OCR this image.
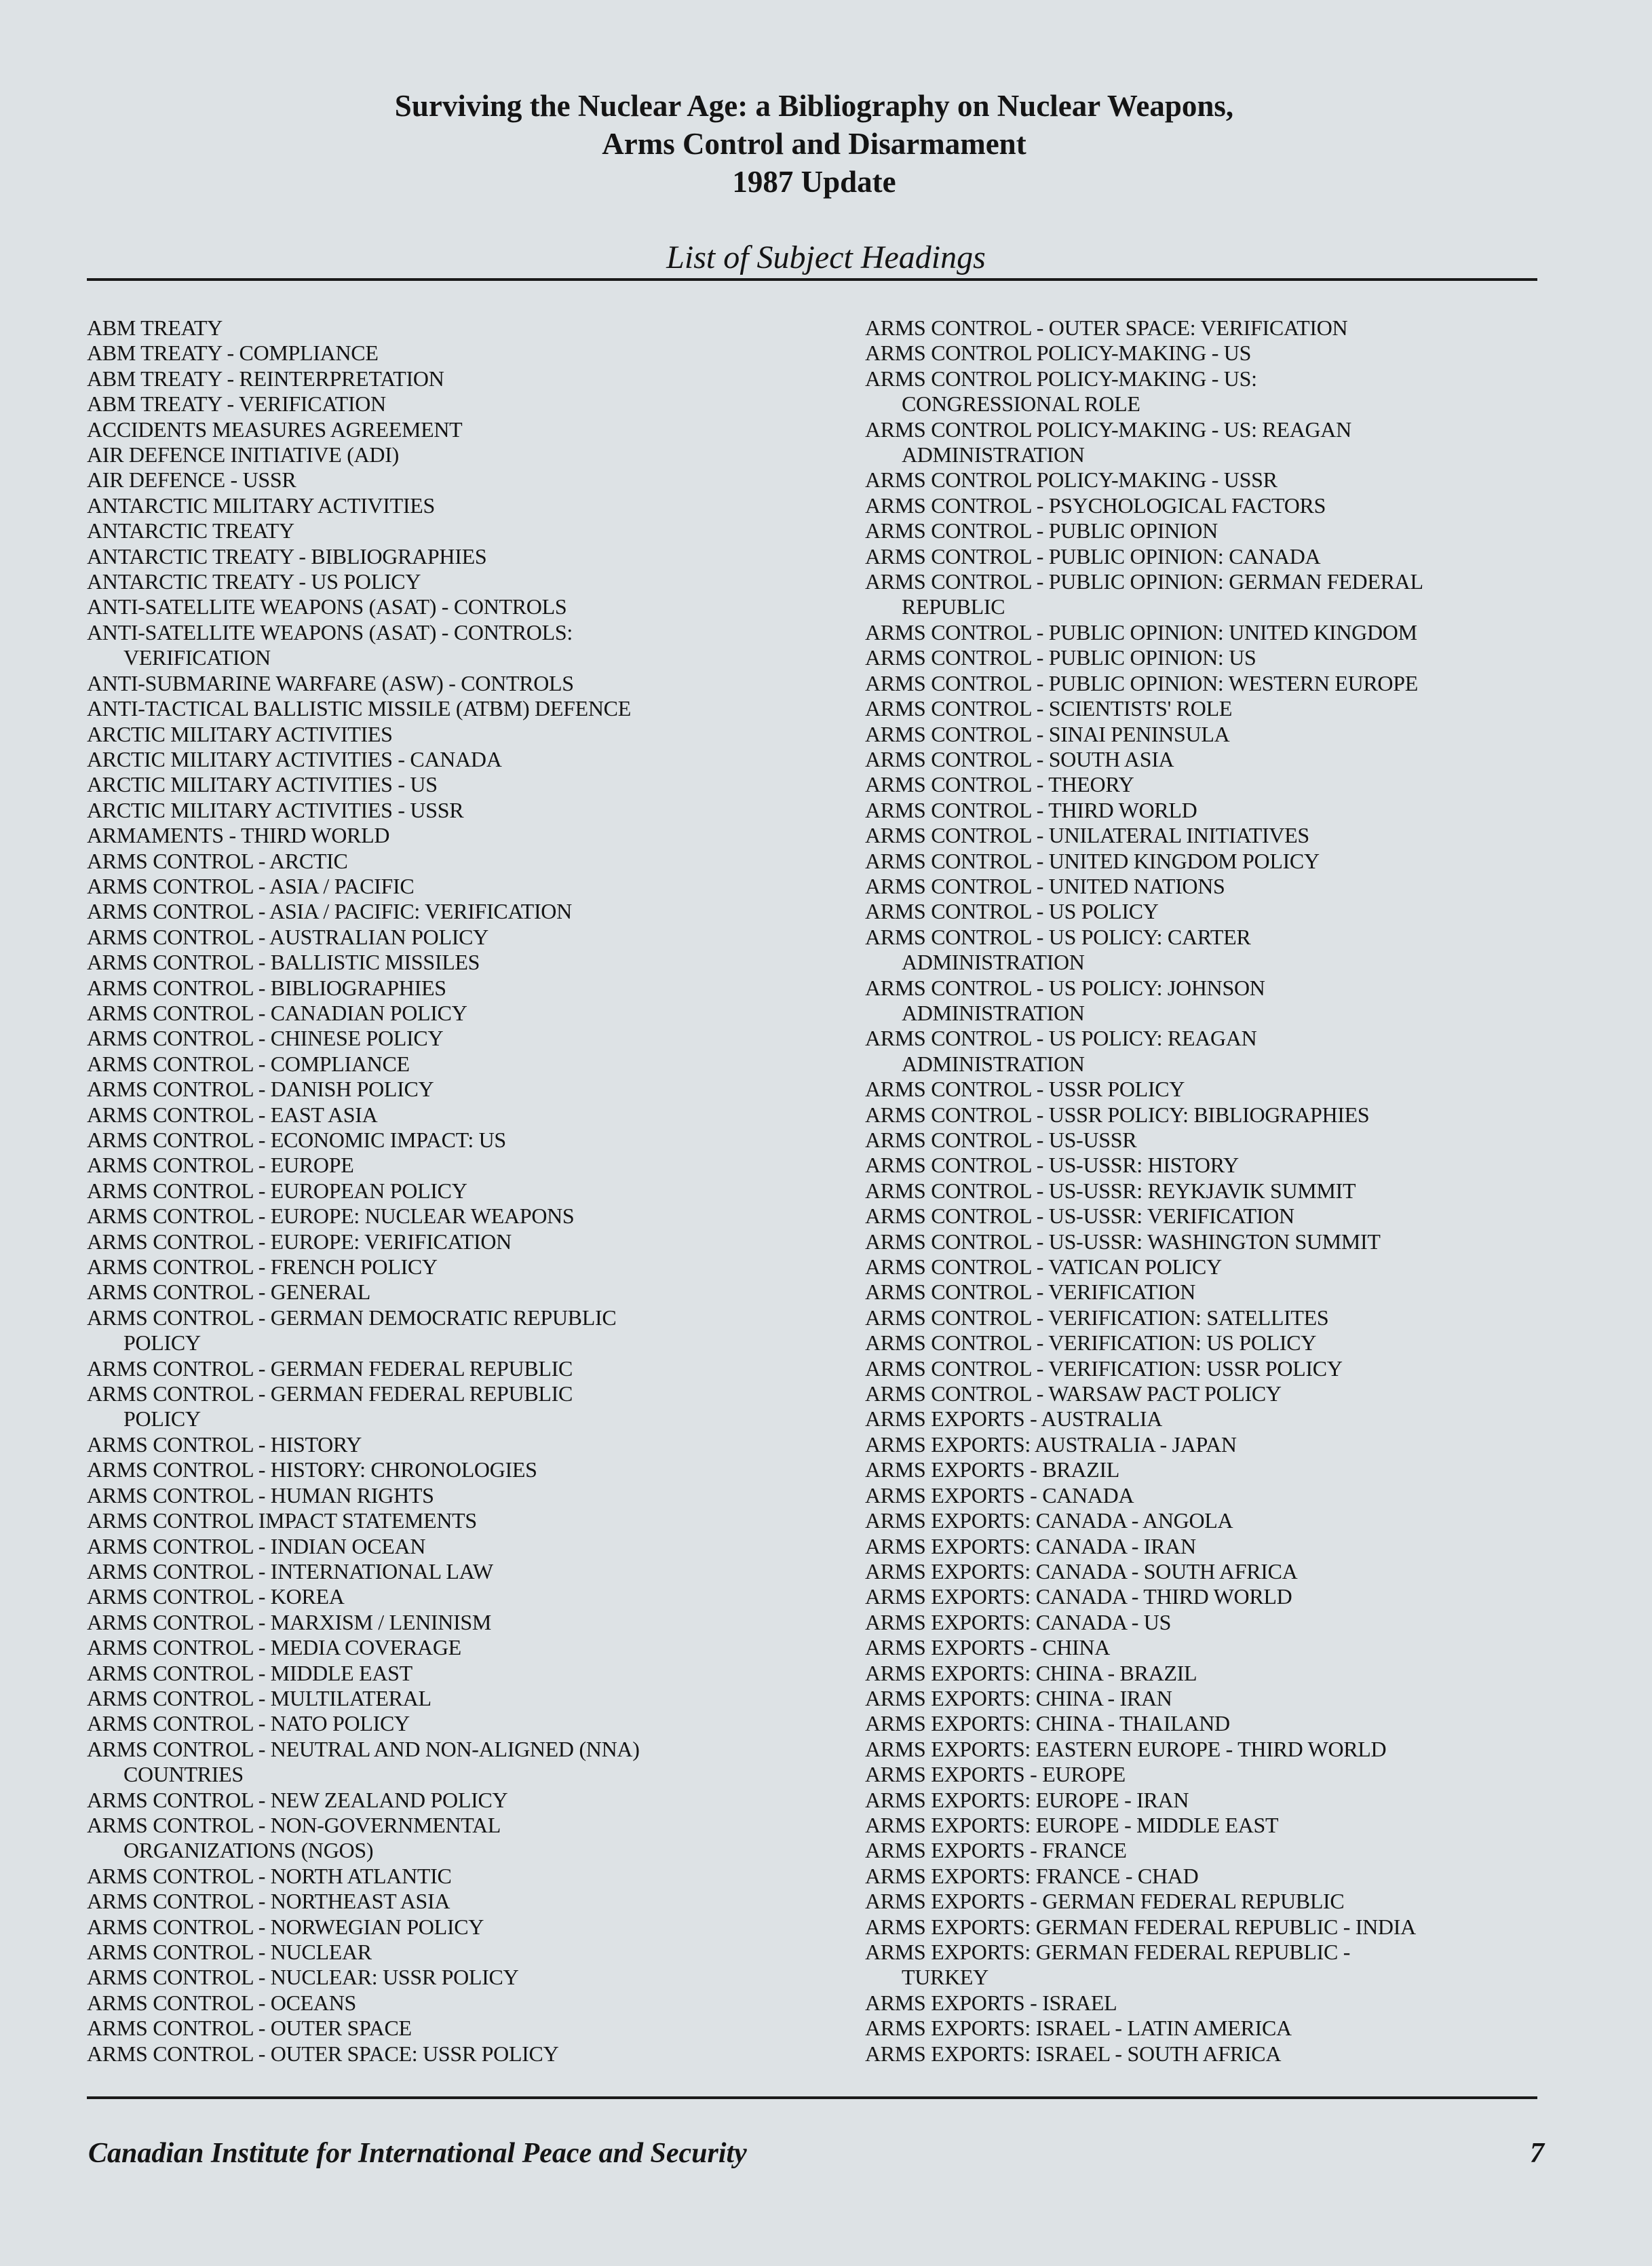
Surviving the Nuclear Age: a Bibliography on Nuclear Weapons,
Arms Control and Disarmament
1987 Update
List of Subject Headings
ABM TREATY
ABM TREATY - COMPLIANCE
ABM TREATY - REINTERPRETATION
ABM TREATY - VERIFICATION
ACCIDENTS MEASURES AGREEMENT
AIR DEFENCE INITIATIVE (ADI)
AIR DEFENCE - USSR
ANTARCTIC MILITARY ACTIVITIES
ANTARCTIC TREATY
ANTARCTIC TREATY - BIBLIOGRAPHIES
ANTARCTIC TREATY - US POLICY
ANTI-SATELLITE WEAPONS (ASAT) - CONTROLS
ANTI-SATELLITE WEAPONS (ASAT) - CONTROLS:
VERIFICATION
ANTI-SUBMARINE WARFARE (ASW) - CONTROLS
ANTI-TACTICAL BALLISTIC MISSILE (ATBM) DEFENCE
ARCTIC MILITARY ACTIVITIES
ARCTIC MILITARY ACTIVITIES - CANADA
ARCTIC MILITARY ACTIVITIES - US
ARCTIC MILITARY ACTIVITIES - USSR
ARMAMENTS - THIRD WORLD
ARMS CONTROL - ARCTIC
ARMS CONTROL - ASIA / PACIFIC
ARMS CONTROL - ASIA / PACIFIC: VERIFICATION
ARMS CONTROL - AUSTRALIAN POLICY
ARMS CONTROL - BALLISTIC MISSILES
ARMS CONTROL - BIBLIOGRAPHIES
ARMS CONTROL - CANADIAN POLICY
ARMS CONTROL - CHINESE POLICY
ARMS CONTROL - COMPLIANCE
ARMS CONTROL - DANISH POLICY
ARMS CONTROL - EAST ASIA
ARMS CONTROL - ECONOMIC IMPACT: US
ARMS CONTROL - EUROPE
ARMS CONTROL - EUROPEAN POLICY
ARMS CONTROL - EUROPE: NUCLEAR WEAPONS
ARMS CONTROL - EUROPE: VERIFICATION
ARMS CONTROL - FRENCH POLICY
ARMS CONTROL - GENERAL
ARMS CONTROL - GERMAN DEMOCRATIC REPUBLIC
POLICY
ARMS CONTROL - GERMAN FEDERAL REPUBLIC
ARMS CONTROL - GERMAN FEDERAL REPUBLIC
POLICY
ARMS CONTROL - HISTORY
ARMS CONTROL - HISTORY: CHRONOLOGIES
ARMS CONTROL - HUMAN RIGHTS
ARMS CONTROL IMPACT STATEMENTS
ARMS CONTROL - INDIAN OCEAN
ARMS CONTROL - INTERNATIONAL LAW
ARMS CONTROL - KOREA
ARMS CONTROL - MARXISM / LENINISM
ARMS CONTROL - MEDIA COVERAGE
ARMS CONTROL - MIDDLE EAST
ARMS CONTROL - MULTILATERAL
ARMS CONTROL - NATO POLICY
ARMS CONTROL - NEUTRAL AND NON-ALIGNED (NNA)
COUNTRIES
ARMS CONTROL - NEW ZEALAND POLICY
ARMS CONTROL - NON-GOVERNMENTAL
ORGANIZATIONS (NGOS)
ARMS CONTROL - NORTH ATLANTIC
ARMS CONTROL - NORTHEAST ASIA
ARMS CONTROL - NORWEGIAN POLICY
ARMS CONTROL - NUCLEAR
ARMS CONTROL - NUCLEAR: USSR POLICY
ARMS CONTROL - OCEANS
ARMS CONTROL - OUTER SPACE
ARMS CONTROL - OUTER SPACE: USSR POLICY
ARMS CONTROL - OUTER SPACE: VERIFICATION
ARMS CONTROL POLICY-MAKING - US
ARMS CONTROL POLICY-MAKING - US:
CONGRESSIONAL ROLE
ARMS CONTROL POLICY-MAKING - US: REAGAN
ADMINISTRATION
ARMS CONTROL POLICY-MAKING - USSR
ARMS CONTROL - PSYCHOLOGICAL FACTORS
ARMS CONTROL - PUBLIC OPINION
ARMS CONTROL - PUBLIC OPINION: CANADA
ARMS CONTROL - PUBLIC OPINION: GERMAN FEDERAL
REPUBLIC
ARMS CONTROL - PUBLIC OPINION: UNITED KINGDOM
ARMS CONTROL - PUBLIC OPINION: US
ARMS CONTROL - PUBLIC OPINION: WESTERN EUROPE
ARMS CONTROL - SCIENTISTS' ROLE
ARMS CONTROL - SINAI PENINSULA
ARMS CONTROL - SOUTH ASIA
ARMS CONTROL - THEORY
ARMS CONTROL - THIRD WORLD
ARMS CONTROL - UNILATERAL INITIATIVES
ARMS CONTROL - UNITED KINGDOM POLICY
ARMS CONTROL - UNITED NATIONS
ARMS CONTROL - US POLICY
ARMS CONTROL - US POLICY: CARTER
ADMINISTRATION
ARMS CONTROL - US POLICY: JOHNSON
ADMINISTRATION
ARMS CONTROL - US POLICY: REAGAN
ADMINISTRATION
ARMS CONTROL - USSR POLICY
ARMS CONTROL - USSR POLICY: BIBLIOGRAPHIES
ARMS CONTROL - US-USSR
ARMS CONTROL - US-USSR: HISTORY
ARMS CONTROL - US-USSR: REYKJAVIK SUMMIT
ARMS CONTROL - US-USSR: VERIFICATION
ARMS CONTROL - US-USSR: WASHINGTON SUMMIT
ARMS CONTROL - VATICAN POLICY
ARMS CONTROL - VERIFICATION
ARMS CONTROL - VERIFICATION: SATELLITES
ARMS CONTROL - VERIFICATION: US POLICY
ARMS CONTROL - VERIFICATION: USSR POLICY
ARMS CONTROL - WARSAW PACT POLICY
ARMS EXPORTS - AUSTRALIA
ARMS EXPORTS: AUSTRALIA - JAPAN
ARMS EXPORTS - BRAZIL
ARMS EXPORTS - CANADA
ARMS EXPORTS: CANADA - ANGOLA
ARMS EXPORTS: CANADA - IRAN
ARMS EXPORTS: CANADA - SOUTH AFRICA
ARMS EXPORTS: CANADA - THIRD WORLD
ARMS EXPORTS: CANADA - US
ARMS EXPORTS - CHINA
ARMS EXPORTS: CHINA - BRAZIL
ARMS EXPORTS: CHINA - IRAN
ARMS EXPORTS: CHINA - THAILAND
ARMS EXPORTS: EASTERN EUROPE - THIRD WORLD
ARMS EXPORTS - EUROPE
ARMS EXPORTS: EUROPE - IRAN
ARMS EXPORTS: EUROPE - MIDDLE EAST
ARMS EXPORTS - FRANCE
ARMS EXPORTS: FRANCE - CHAD
ARMS EXPORTS - GERMAN FEDERAL REPUBLIC
ARMS EXPORTS: GERMAN FEDERAL REPUBLIC - INDIA
ARMS EXPORTS: GERMAN FEDERAL REPUBLIC -
TURKEY
ARMS EXPORTS - ISRAEL
ARMS EXPORTS: ISRAEL - LATIN AMERICA
ARMS EXPORTS: ISRAEL - SOUTH AFRICA
Canadian Institute for International Peace and Security	7
